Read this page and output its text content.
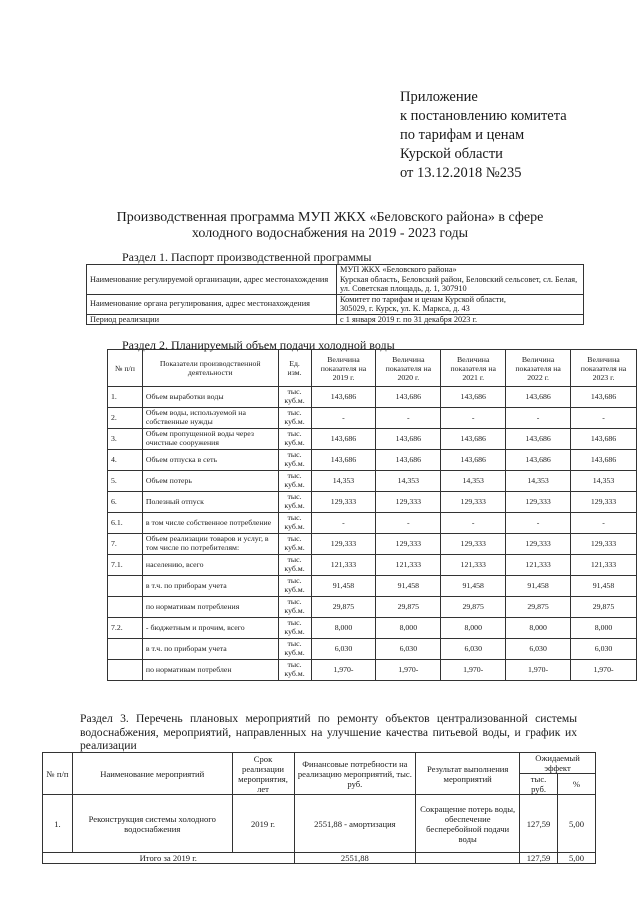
Приложение
к постановлению комитета
по тарифам и ценам
Курской области
от 13.12.2018 №235
Производственная программа МУП ЖКХ «Беловского района» в сфере
холодного водоснабжения на 2019 - 2023 годы
Раздел 1. Паспорт производственной программы
Наименование регулируемой организации, адрес местонахождения	МУП ЖКХ «Беловского района»
Курская область, Беловский район, Беловский сельсовет, сл. Белая, ул. Советская площадь, д. 1, 307910

Наименование органа регулирования, адрес местонахождения	Комитет по тарифам и ценам Курской области,
305029, г. Курск, ул. К. Маркса, д. 43

Период реализации	с 1 января 2019 г. по 31 декабря 2023 г.
Раздел 2. Планируемый объем подачи холодной воды
№ п/п	Показатели производственной деятельности	Ед. изм.	Величина показателя на 2019 г.	Величина показателя на 2020 г.	Величина показателя на 2021 г.	Величина показателя на 2022 г.	Величина показателя на 2023 г.
1.	Объем выработки воды	тыс. куб.м.	143,686	143,686	143,686	143,686	143,686
2.	Объем воды, используемой на собственные нужды	тыс. куб.м.	-	-	-	-	-
3.	Объем пропущенной воды через очистные сооружения	тыс. куб.м.	143,686	143,686	143,686	143,686	143,686
4.	Объем отпуска в сеть	тыс. куб.м.	143,686	143,686	143,686	143,686	143,686
5.	Объем потерь	тыс. куб.м.	14,353	14,353	14,353	14,353	14,353
6.	Полезный отпуск	тыс. куб.м.	129,333	129,333	129,333	129,333	129,333
6.1.	в том числе собственное потребление	тыс. куб.м.	-	-	-	-	-
7.	Объем реализации товаров и услуг, в том числе по потребителям:	тыс. куб.м.	129,333	129,333	129,333	129,333	129,333
7.1.	населению, всего	тыс. куб.м.	121,333	121,333	121,333	121,333	121,333
	в т.ч. по приборам учета	тыс. куб.м.	91,458	91,458	91,458	91,458	91,458
	по нормативам потребления	тыс. куб.м.	29,875	29,875	29,875	29,875	29,875
7.2.	- бюджетным и прочим, всего	тыс. куб.м.	8,000	8,000	8,000	8,000	8,000
	в т.ч. по приборам учета	тыс. куб.м.	6,030	6,030	6,030	6,030	6,030
	по нормативам потреблен	тыс. куб.м.	1,970-	1,970-	1,970-	1,970-	1,970-
Раздел 3. Перечень плановых мероприятий по ремонту объектов централизованной системы водоснабжения, мероприятий, направленных на улучшение качества питьевой воды, и график их реализации
№ п/п	Наименование мероприятий	Срок реализации мероприятия, лет	Финансовые потребности на реализацию мероприятий, тыс. руб.	Результат выполнения мероприятий	Ожидаемый эффект	
					тыс. руб.	%
1.	Реконструкция системы холодного водоснабжения	2019 г.	2551,88 - амортизация	Сокращение потерь воды, обеспечение бесперебойной подачи воды	127,59	5,00
Итого за 2019 г.			2551,88		127,59	5,00
